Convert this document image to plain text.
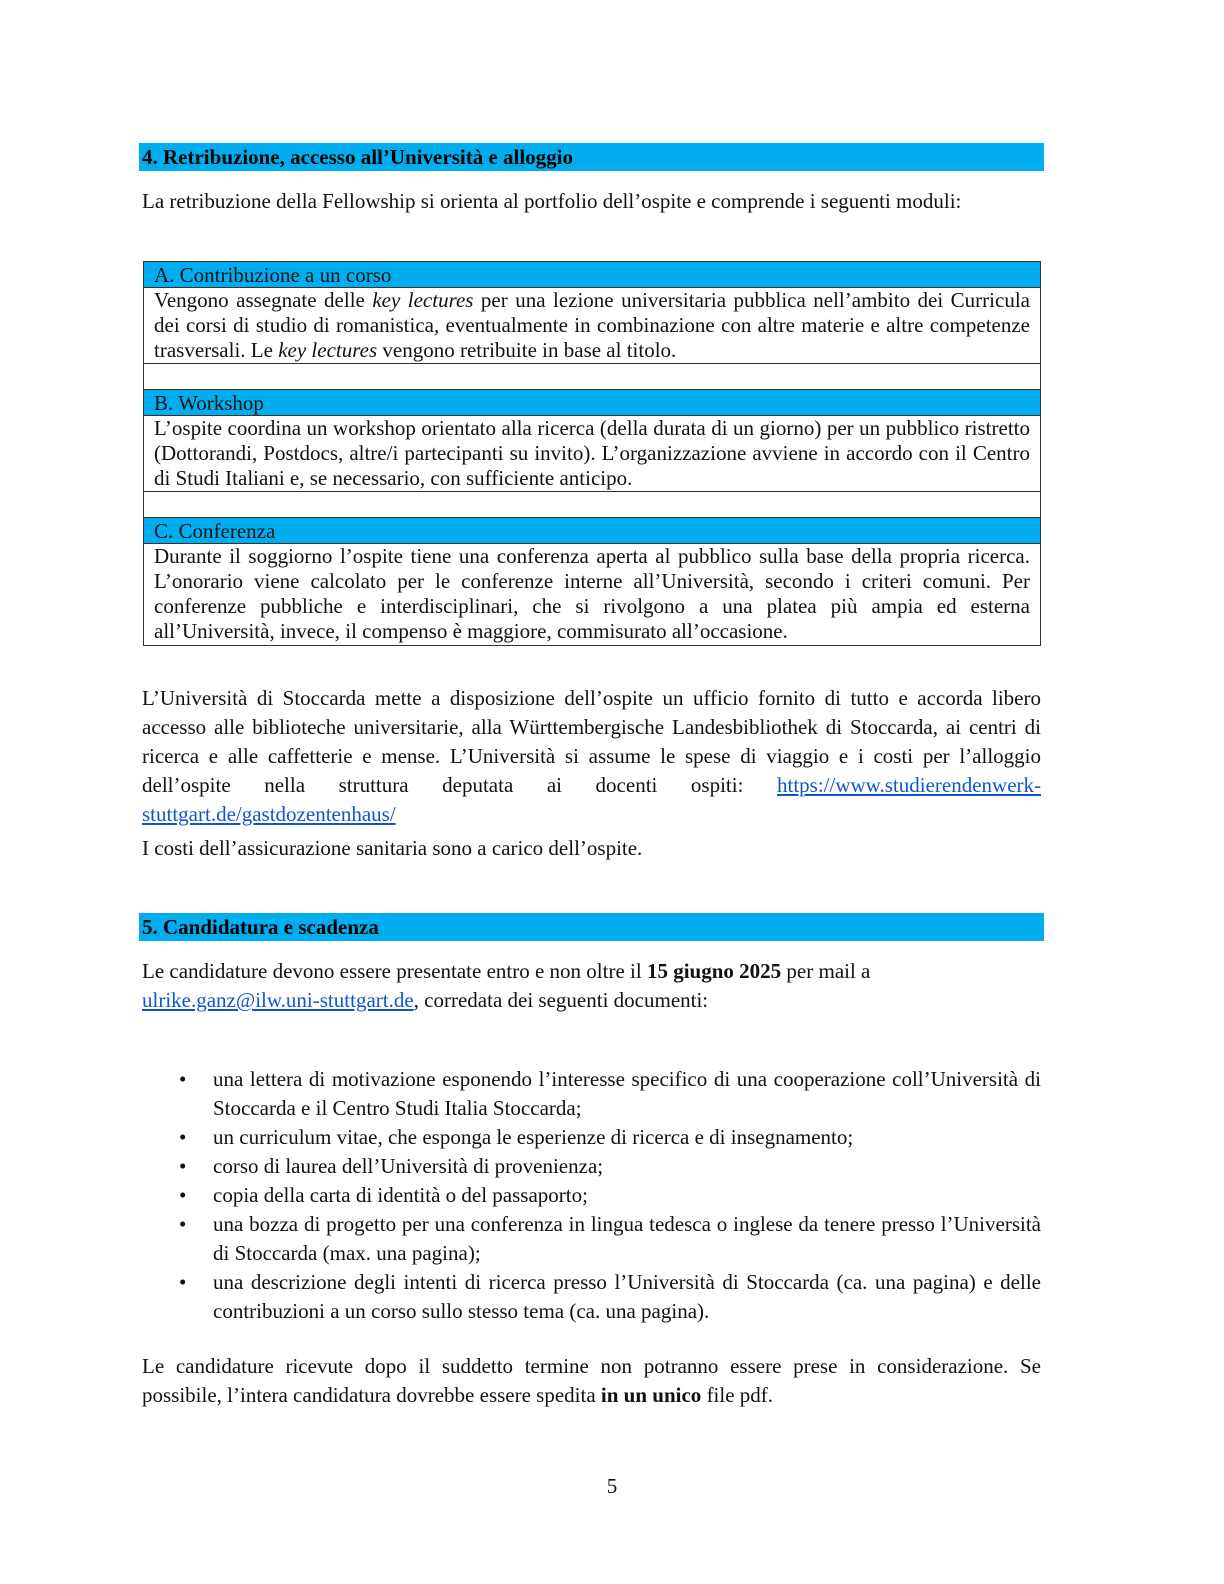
4. Retribuzione, accesso all’Università e alloggio
La retribuzione della Fellowship si orienta al portfolio dell’ospite e comprende i seguenti moduli:
A. Contribuzione a un corso
Vengono assegnate delle key lectures per una lezione universitaria pubblica nell’ambito dei Curricula dei corsi di studio di romanistica, eventualmente in combinazione con altre materie e altre competenze trasversali. Le key lectures vengono retribuite in base al titolo.
B. Workshop
L’ospite coordina un workshop orientato alla ricerca (della durata di un giorno) per un pubblico ristretto (Dottorandi, Postdocs, altre/i partecipanti su invito). L’organizzazione avviene in accordo con il Centro di Studi Italiani e, se necessario, con sufficiente anticipo.
C. Conferenza
Durante il soggiorno l’ospite tiene una conferenza aperta al pubblico sulla base della propria ricerca. L’onorario viene calcolato per le conferenze interne all’Università, secondo i criteri comuni. Per conferenze pubbliche e interdisciplinari, che si rivolgono a una platea più ampia ed esterna all’Università, invece, il compenso è maggiore, commisurato all’occasione.
L’Università di Stoccarda mette a disposizione dell’ospite un ufficio fornito di tutto e accorda libero accesso alle biblioteche universitarie, alla Württembergische Landesbibliothek di Stoccarda, ai centri di ricerca e alle caffetterie e mense. L’Università si assume le spese di viaggio e i costi per l’alloggio dell’ospite nella struttura deputata ai docenti ospiti: https://www.studierendenwerk-stuttgart.de/gastdozentenhaus/
I costi dell’assicurazione sanitaria sono a carico dell’ospite.
5. Candidatura e scadenza
Le candidature devono essere presentate entro e non oltre il 15 giugno 2025 per mail a
ulrike.ganz@ilw.uni-stuttgart.de, corredata dei seguenti documenti:
• una lettera di motivazione esponendo l’interesse specifico di una cooperazione coll’Università di Stoccarda e il Centro Studi Italia Stoccarda;
• un curriculum vitae, che esponga le esperienze di ricerca e di insegnamento;
• corso di laurea dell’Università di provenienza;
• copia della carta di identità o del passaporto;
• una bozza di progetto per una conferenza in lingua tedesca o inglese da tenere presso l’Università di Stoccarda (max. una pagina);
• una descrizione degli intenti di ricerca presso l’Università di Stoccarda (ca. una pagina) e delle contribuzioni a un corso sullo stesso tema (ca. una pagina).
Le candidature ricevute dopo il suddetto termine non potranno essere prese in considerazione. Se possibile, l’intera candidatura dovrebbe essere spedita in un unico file pdf.
5
